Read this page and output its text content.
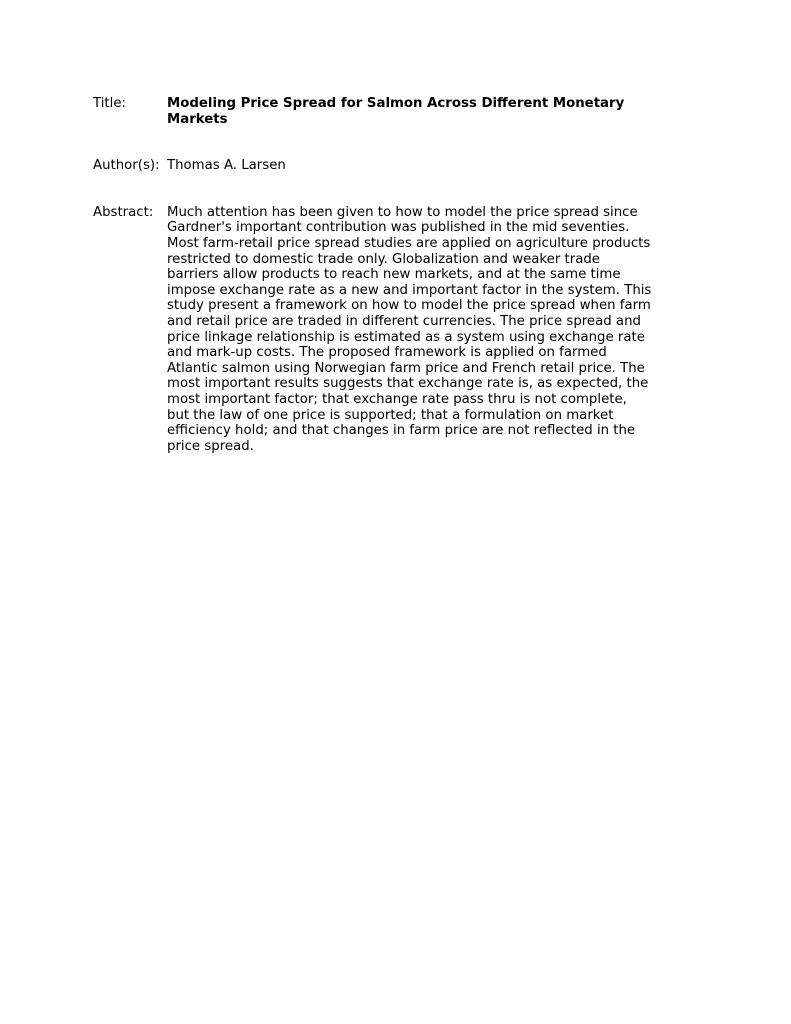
Title:	Modeling Price Spread for Salmon Across Different Monetary Markets
Author(s): Thomas A. Larsen
Abstract:	Much attention has been given to how to model the price spread since Gardner's important contribution was published in the mid seventies. Most farm-retail price spread studies are applied on agriculture products restricted to domestic trade only. Globalization and weaker trade barriers allow products to reach new markets, and at the same time impose exchange rate as a new and important factor in the system. This study present a framework on how to model the price spread when farm and retail price are traded in different currencies. The price spread and price linkage relationship is estimated as a system using exchange rate and mark-up costs. The proposed framework is applied on farmed Atlantic salmon using Norwegian farm price and French retail price. The most important results suggests that exchange rate is, as expected, the most important factor; that exchange rate pass thru is not complete, but the law of one price is supported; that a formulation on market efficiency hold; and that changes in farm price are not reflected in the price spread.
